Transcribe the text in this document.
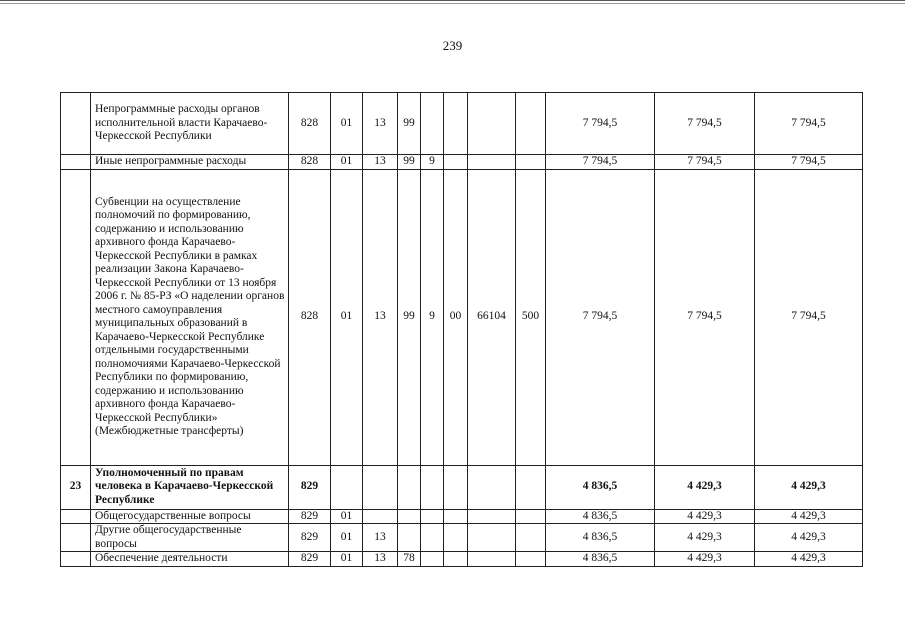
239
	Непрограммные расходы органов исполнительной власти Карачаево-Черкесской Республики	828	01	13	99					7 794,5	7 794,5	7 794,5
	Иные непрограммные расходы	828	01	13	99	9				7 794,5	7 794,5	7 794,5
	Субвенции на осуществление полномочий по формированию, содержанию и использованию архивного фонда Карачаево-Черкесской Республики в рамках реализации Закона Карачаево-Черкесской Республики от 13 ноября 2006 г. № 85-РЗ «О наделении органов местного самоуправления муниципальных образований в Карачаево-Черкесской Республике отдельными государственными полномочиями Карачаево-Черкесской Республики по формированию, содержанию и использованию архивного фонда Карачаево-Черкесской Республики» (Межбюджетные трансферты)	828	01	13	99	9	00	66104	500	7 794,5	7 794,5	7 794,5
23	Уполномоченный по правам человека в Карачаево-Черкесской Республике	829								4 836,5	4 429,3	4 429,3
	Общегосударственные вопросы	829	01							4 836,5	4 429,3	4 429,3
	Другие общегосударственные вопросы	829	01	13						4 836,5	4 429,3	4 429,3
	Обеспечение деятельности	829	01	13	78					4 836,5	4 429,3	4 429,3
